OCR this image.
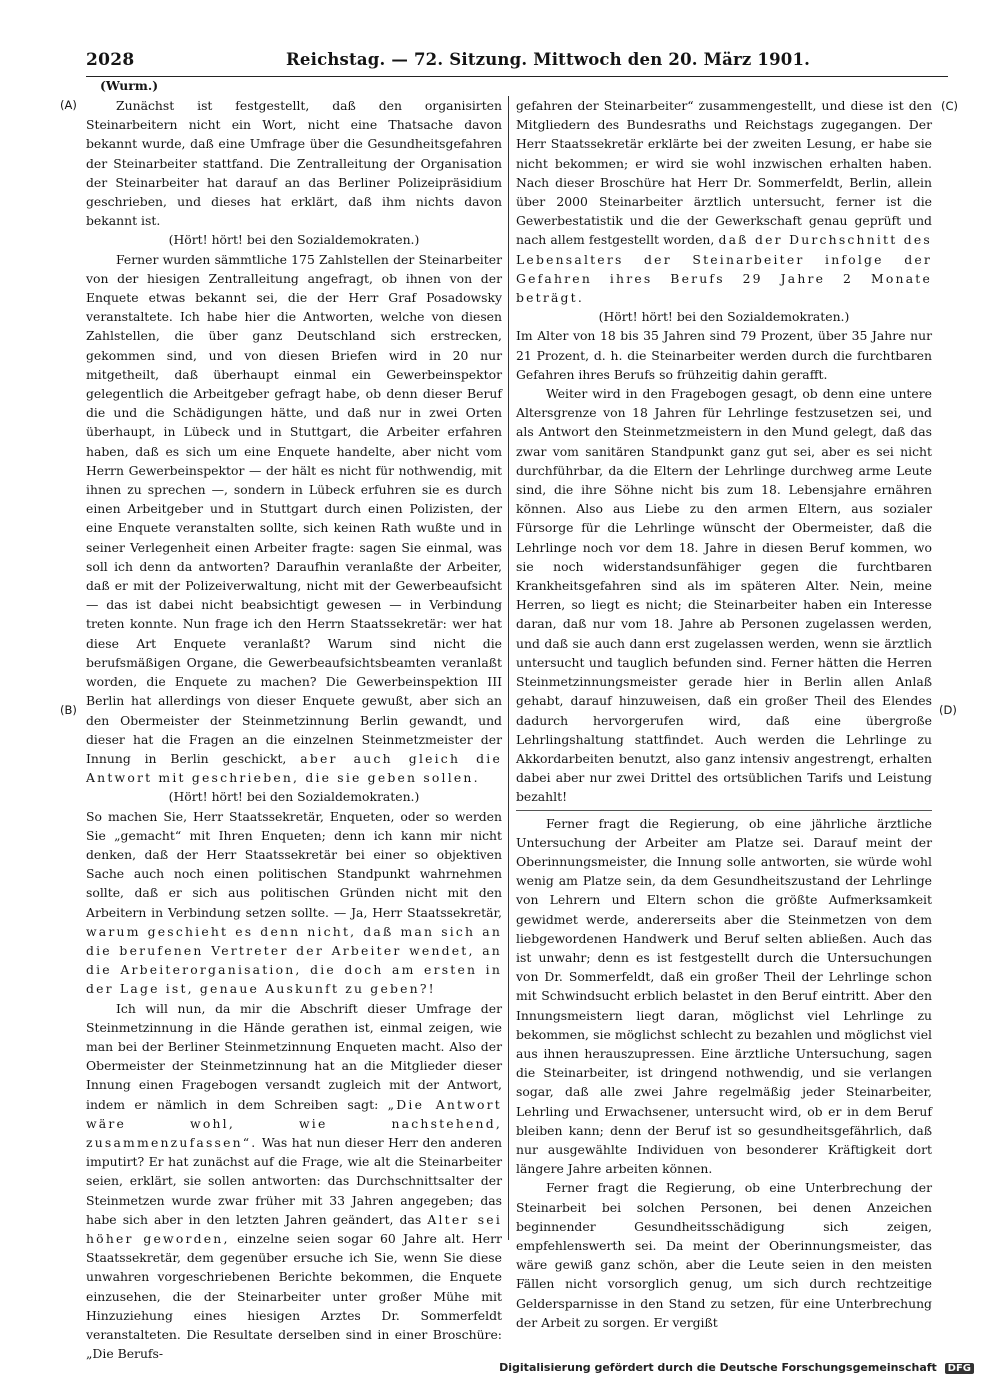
2028	Reichstag. — 72. Sitzung. Mittwoch den 20. März 1901.
(Wurm.)
(A)
(B)
(C)
(D)

Zunächst ist festgestellt, daß den organisirten Steinarbeitern nicht ein Wort, nicht eine Thatsache davon bekannt wurde, daß eine Umfrage über die Gesundheitsgefahren der Steinarbeiter stattfand. Die Zentralleitung der Organisation der Steinarbeiter hat darauf an das Berliner Polizeipräsidium geschrieben, und dieses hat erklärt, daß ihm nichts davon bekannt ist.

(Hört! hört! bei den Sozialdemokraten.)

Ferner wurden sämmtliche 175 Zahlstellen der Steinarbeiter von der hiesigen Zentralleitung angefragt, ob ihnen von der Enquete etwas bekannt sei, die der Herr Graf Posadowsky veranstaltete. Ich habe hier die Antworten, welche von diesen Zahlstellen, die über ganz Deutschland sich erstrecken, gekommen sind, und von diesen Briefen wird in 20 nur mitgetheilt, daß überhaupt einmal ein Gewerbeinspektor gelegentlich die Arbeitgeber gefragt habe, ob denn dieser Beruf die und die Schädigungen hätte, und daß nur in zwei Orten überhaupt, in Lübeck und in Stuttgart, die Arbeiter erfahren haben, daß es sich um eine Enquete handelte, aber nicht vom Herrn Gewerbeinspektor — der hält es nicht für nothwendig, mit ihnen zu sprechen —, sondern in Lübeck erfuhren sie es durch einen Arbeitgeber und in Stuttgart durch einen Polizisten, der eine Enquete veranstalten sollte, sich keinen Rath wußte und in seiner Verlegenheit einen Arbeiter fragte: sagen Sie einmal, was soll ich denn da antworten? Daraufhin veranlaßte der Arbeiter, daß er mit der Polizeiverwaltung, nicht mit der Gewerbeaufsicht — das ist dabei nicht beabsichtigt gewesen — in Verbindung treten konnte. Nun frage ich den Herrn Staatssekretär: wer hat diese Art Enquete veranlaßt? Warum sind nicht die berufsmäßigen Organe, die Gewerbeaufsichtsbeamten veranlaßt worden, die Enquete zu machen? Die Gewerbeinspektion III Berlin hat allerdings von dieser Enquete gewußt, aber sich an den Obermeister der Steinmetzinnung Berlin gewandt, und dieser hat die Fragen an die einzelnen Steinmetzmeister der Innung in Berlin geschickt, aber auch gleich die Antwort mit geschrieben, die sie geben sollen.

(Hört! hört! bei den Sozialdemokraten.)

So machen Sie, Herr Staatssekretär, Enqueten, oder so werden Sie „gemacht“ mit Ihren Enqueten; denn ich kann mir nicht denken, daß der Herr Staatssekretär bei einer so objektiven Sache auch noch einen politischen Standpunkt wahrnehmen sollte, daß er sich aus politischen Gründen nicht mit den Arbeitern in Verbindung setzen sollte. — Ja, Herr Staatssekretär, warum geschieht es denn nicht, daß man sich an die berufenen Vertreter der Arbeiter wendet, an die Arbeiterorganisation, die doch am ersten in der Lage ist, genaue Auskunft zu geben?!

Ich will nun, da mir die Abschrift dieser Umfrage der Steinmetzinnung in die Hände gerathen ist, einmal zeigen, wie man bei der Berliner Steinmetzinnung Enqueten macht. Also der Obermeister der Steinmetzinnung hat an die Mitglieder dieser Innung einen Fragebogen versandt zugleich mit der Antwort, indem er nämlich in dem Schreiben sagt: „Die Antwort wäre wohl, wie nachstehend, zusammenzufassen“. Was hat nun dieser Herr den anderen imputirt? Er hat zunächst auf die Frage, wie alt die Steinarbeiter seien, erklärt, sie sollen antworten: das Durchschnittsalter der Steinmetzen wurde zwar früher mit 33 Jahren angegeben; das habe sich aber in den letzten Jahren geändert, das Alter sei höher geworden, einzelne seien sogar 60 Jahre alt. Herr Staatssekretär, dem gegenüber ersuche ich Sie, wenn Sie diese unwahren vorgeschriebenen Berichte bekommen, die Enquete einzusehen, die der Steinarbeiter unter großer Mühe mit Hinzuziehung eines hiesigen Arztes Dr. Sommerfeldt veranstalteten. Die Resultate derselben sind in einer Broschüre: „Die Berufs-

gefahren der Steinarbeiter“ zusammengestellt, und diese ist den Mitgliedern des Bundesraths und Reichstags zugegangen. Der Herr Staatssekretär erklärte bei der zweiten Lesung, er habe sie nicht bekommen; er wird sie wohl inzwischen erhalten haben. Nach dieser Broschüre hat Herr Dr. Sommerfeldt, Berlin, allein über 2000 Steinarbeiter ärztlich untersucht, ferner ist die Gewerbestatistik und die der Gewerkschaft genau geprüft und nach allem festgestellt worden, daß der Durchschnitt des Lebensalters der Steinarbeiter infolge der Gefahren ihres Berufs 29 Jahre 2 Monate beträgt.

(Hört! hört! bei den Sozialdemokraten.)

Im Alter von 18 bis 35 Jahren sind 79 Prozent, über 35 Jahre nur 21 Prozent, d. h. die Steinarbeiter werden durch die furchtbaren Gefahren ihres Berufs so frühzeitig dahin gerafft.

Weiter wird in den Fragebogen gesagt, ob denn eine untere Altersgrenze von 18 Jahren für Lehrlinge festzusetzen sei, und als Antwort den Steinmetzmeistern in den Mund gelegt, daß das zwar vom sanitären Standpunkt ganz gut sei, aber es sei nicht durchführbar, da die Eltern der Lehrlinge durchweg arme Leute sind, die ihre Söhne nicht bis zum 18. Lebensjahre ernähren können. Also aus Liebe zu den armen Eltern, aus sozialer Fürsorge für die Lehrlinge wünscht der Obermeister, daß die Lehrlinge noch vor dem 18. Jahre in diesen Beruf kommen, wo sie noch widerstandsunfähiger gegen die furchtbaren Krankheitsgefahren sind als im späteren Alter. Nein, meine Herren, so liegt es nicht; die Steinarbeiter haben ein Interesse daran, daß nur vom 18. Jahre ab Personen zugelassen werden, und daß sie auch dann erst zugelassen werden, wenn sie ärztlich untersucht und tauglich befunden sind. Ferner hätten die Herren Steinmetzinnungsmeister gerade hier in Berlin allen Anlaß gehabt, darauf hinzuweisen, daß ein großer Theil des Elendes dadurch hervorgerufen wird, daß eine übergroße Lehrlingshaltung stattfindet. Auch werden die Lehrlinge zu Akkordarbeiten benutzt, also ganz intensiv angestrengt, erhalten dabei aber nur zwei Drittel des ortsüblichen Tarifs und Leistung bezahlt!

Ferner fragt die Regierung, ob eine jährliche ärztliche Untersuchung der Arbeiter am Platze sei. Darauf meint der Oberinnungsmeister, die Innung solle antworten, sie würde wohl wenig am Platze sein, da dem Gesundheitszustand der Lehrlinge von Lehrern und Eltern schon die größte Aufmerksamkeit gewidmet werde, andererseits aber die Steinmetzen von dem liebgewordenen Handwerk und Beruf selten abließen. Auch das ist unwahr; denn es ist festgestellt durch die Untersuchungen von Dr. Sommerfeldt, daß ein großer Theil der Lehrlinge schon mit Schwindsucht erblich belastet in den Beruf eintritt. Aber den Innungsmeistern liegt daran, möglichst viel Lehrlinge zu bekommen, sie möglichst schlecht zu bezahlen und möglichst viel aus ihnen herauszupressen. Eine ärztliche Untersuchung, sagen die Steinarbeiter, ist dringend nothwendig, und sie verlangen sogar, daß alle zwei Jahre regelmäßig jeder Steinarbeiter, Lehrling und Erwachsener, untersucht wird, ob er in dem Beruf bleiben kann; denn der Beruf ist so gesundheitsgefährlich, daß nur ausgewählte Individuen von besonderer Kräftigkeit dort längere Jahre arbeiten können.

Ferner fragt die Regierung, ob eine Unterbrechung der Steinarbeit bei solchen Personen, bei denen Anzeichen beginnender Gesundheitsschädigung sich zeigen, empfehlenswerth sei. Da meint der Oberinnungsmeister, das wäre gewiß ganz schön, aber die Leute seien in den meisten Fällen nicht vorsorglich genug, um sich durch rechtzeitige Geldersparnisse in den Stand zu setzen, für eine Unterbrechung der Arbeit zu sorgen. Er vergißt

Digitalisierung gefördert durch die Deutsche Forschungsgemeinschaft DFG
